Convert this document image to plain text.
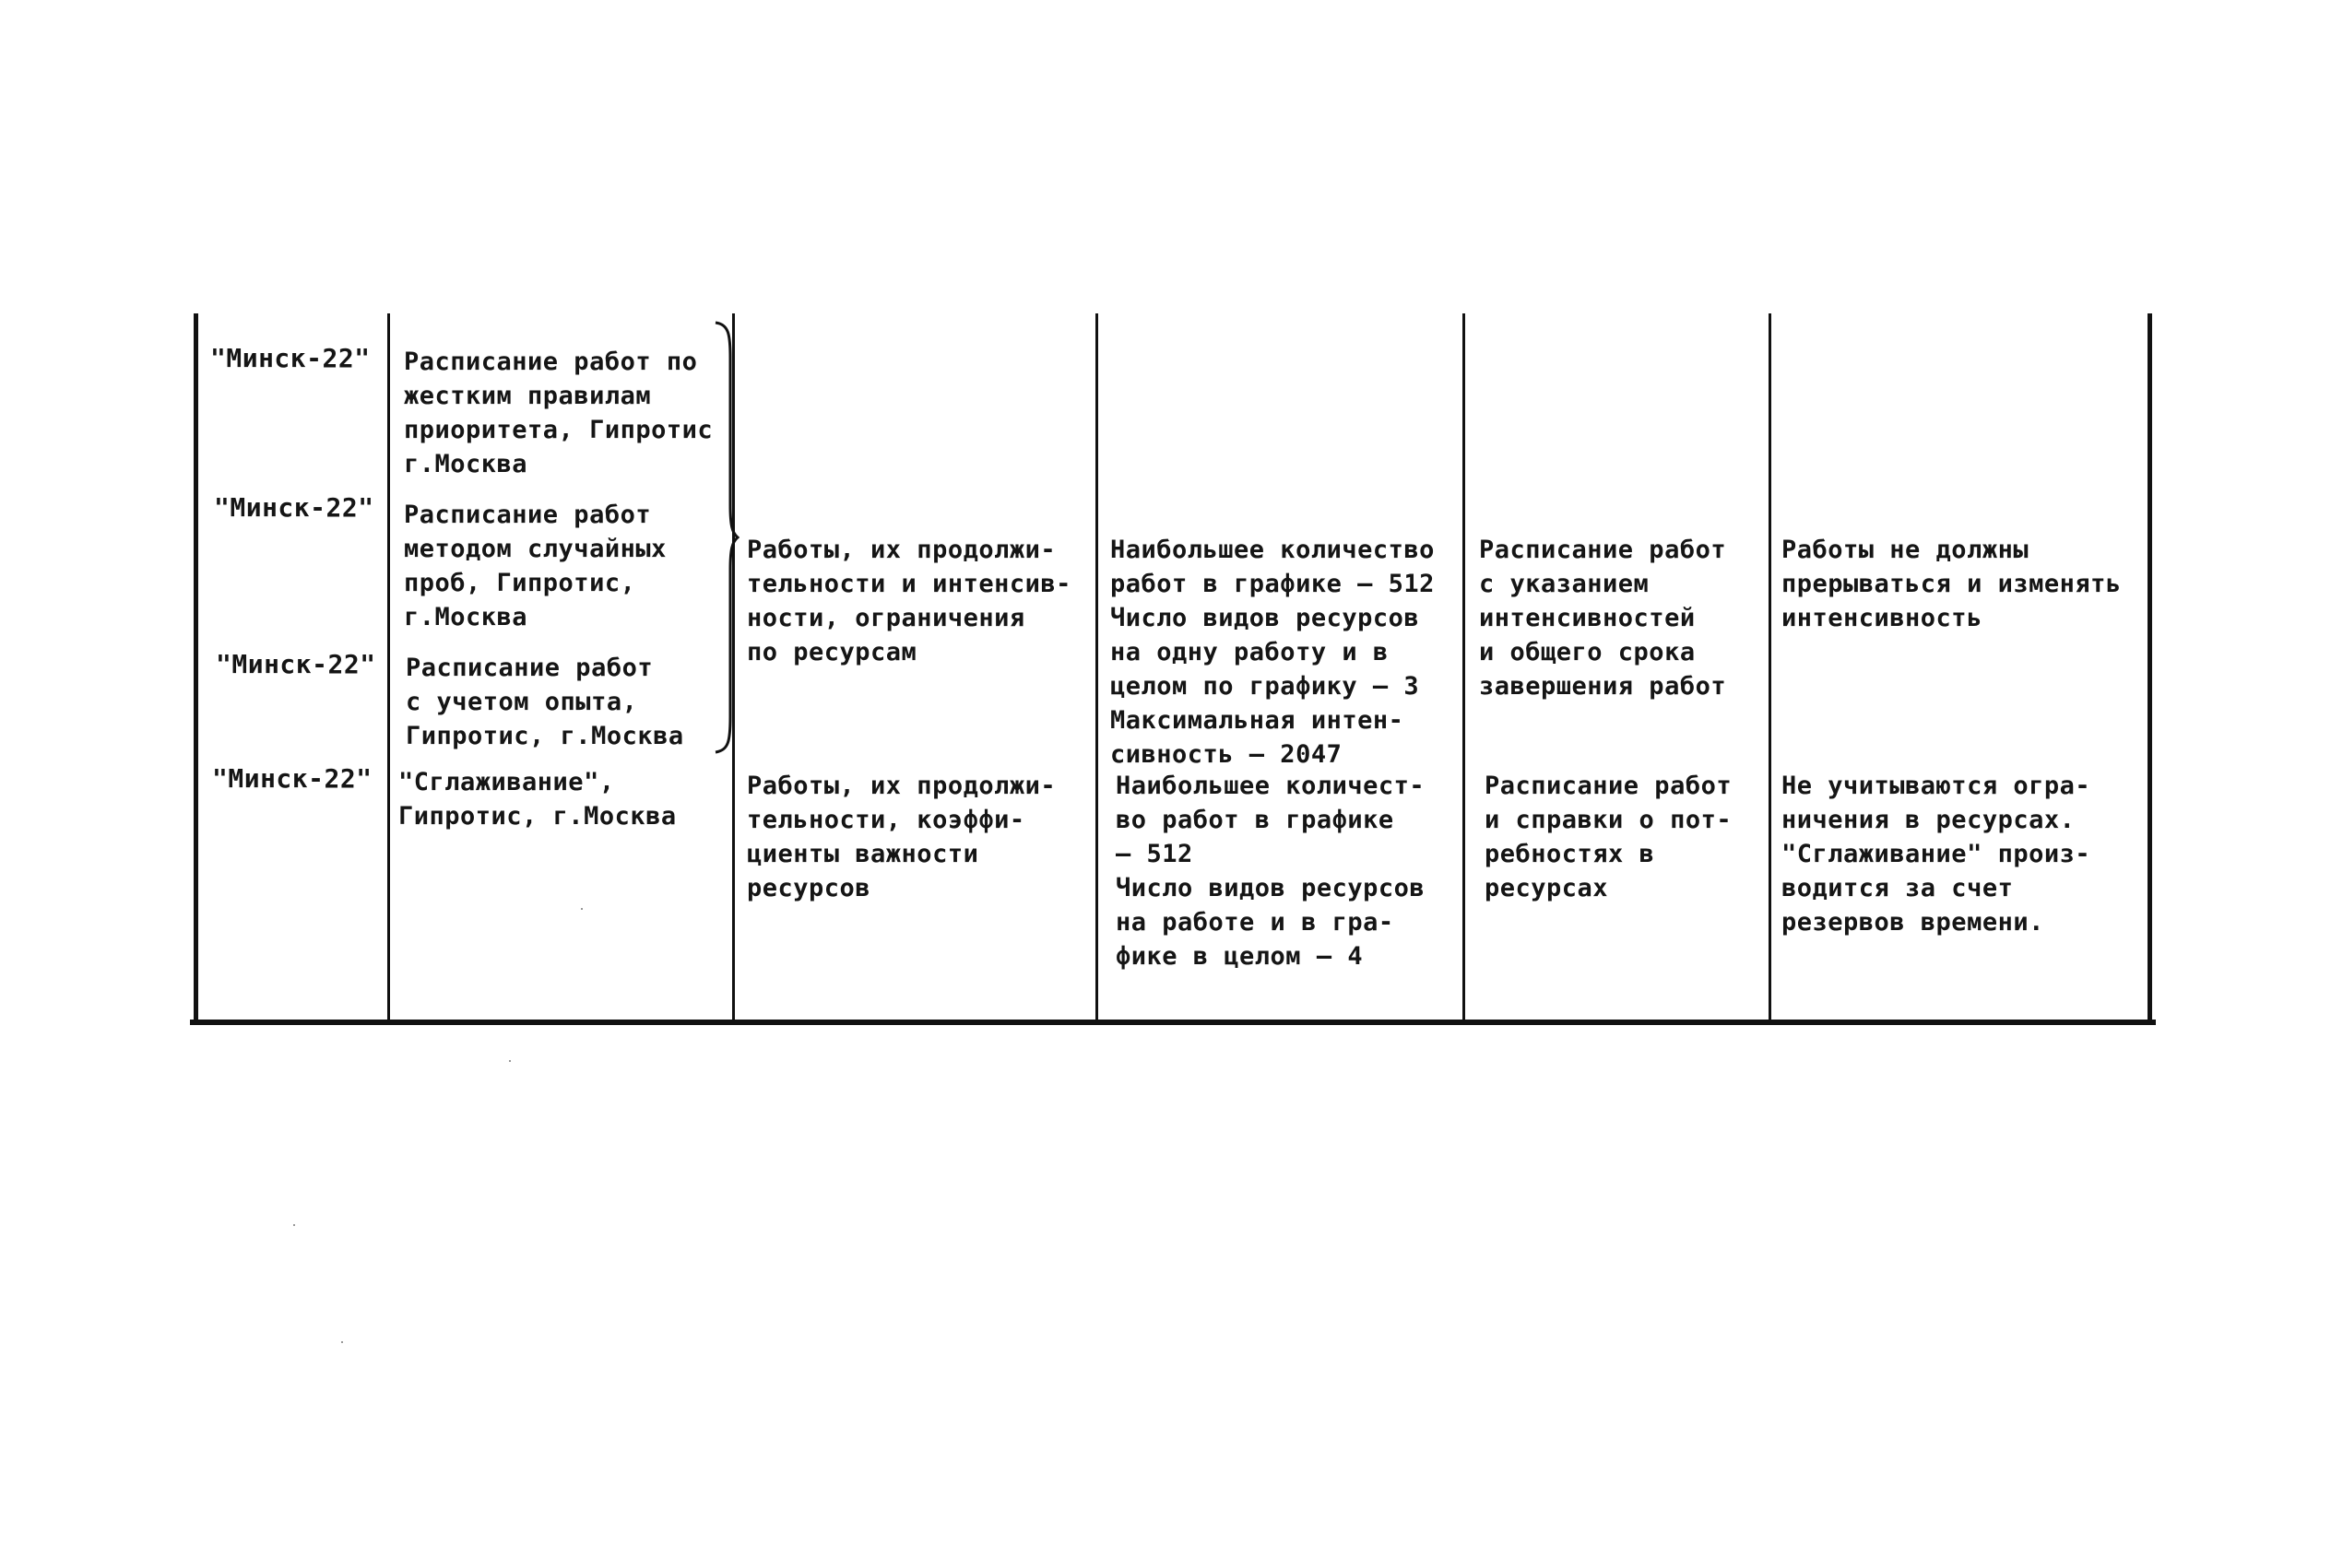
"Минск-22"
"Минск-22"
"Минск-22"
"Минск-22"
Расписание работ по
жестким правилам
приоритета, Гипротис
г.Москва
Расписание работ
методом случайных
проб, Гипротис,
г.Москва
Расписание работ
с учетом опыта,
Гипротис, г.Москва
"Сглаживание",
Гипротис, г.Москва
Работы, их продолжи-
тельности и интенсив-
ности, ограничения
по ресурсам
Работы, их продолжи-
тельности, коэффи-
циенты важности
ресурсов
Наибольшее количество
работ в графике – 512
Число видов ресурсов
на одну работу и в
целом по графику – 3
Максимальная интен-
сивность – 2047
Наибольшее количест-
во работ в графике
– 512
Число видов ресурсов
на работе и в гра-
фике в целом – 4
Расписание работ
с указанием
интенсивностей
и общего срока
завершения работ
Расписание работ
и справки о пот-
ребностях в
ресурсах
Работы не должны
прерываться и изменять
интенсивность
Не учитываются огра-
ничения в ресурсах.
"Сглаживание" произ-
водится за счет
резервов времени.
